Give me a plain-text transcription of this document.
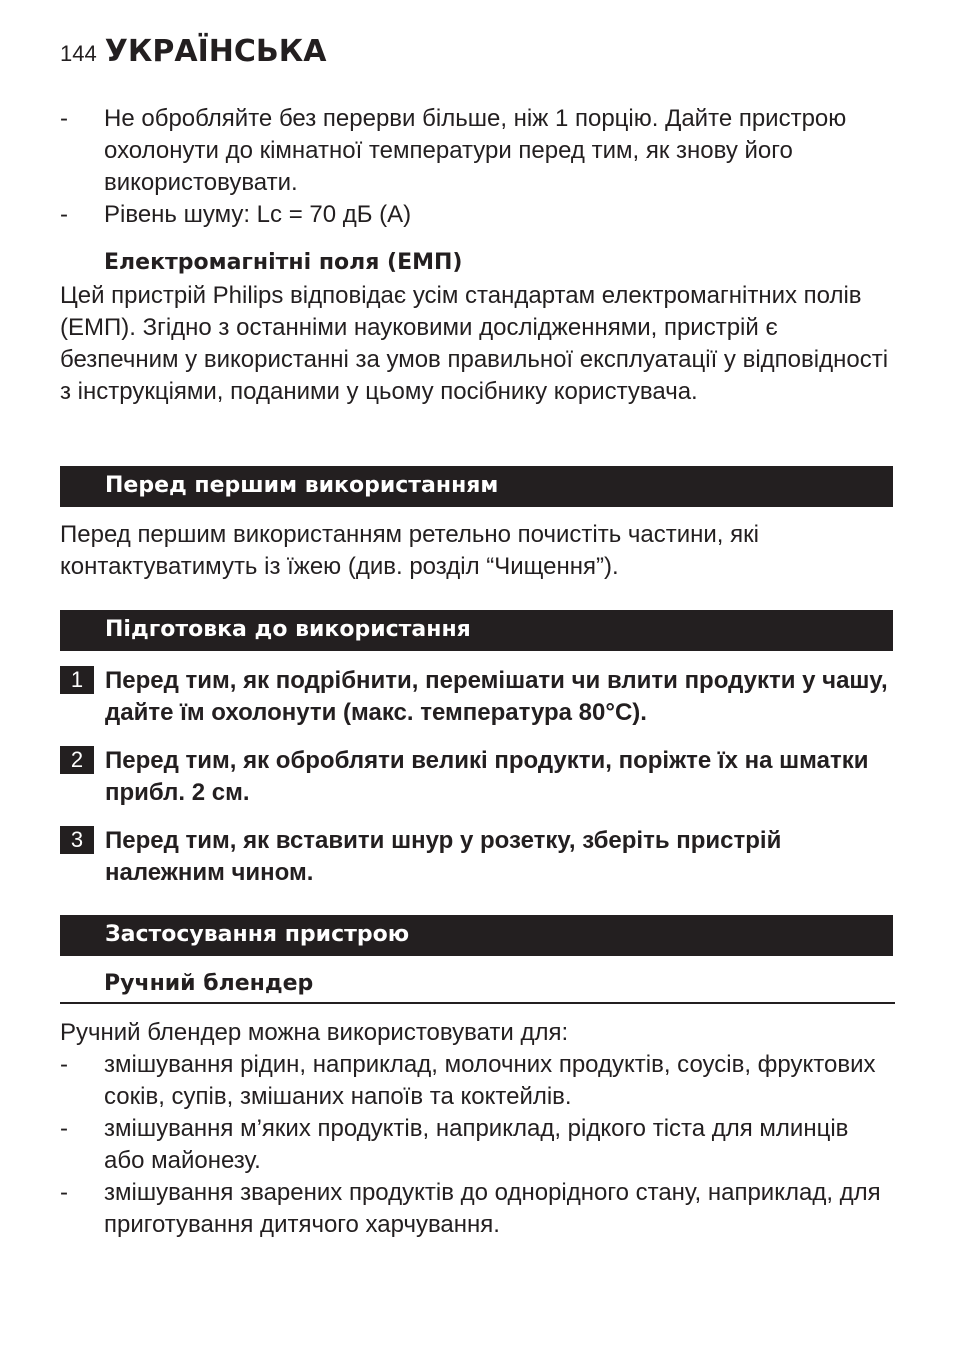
144 УКРАЇНСЬКА
- Не обробляйте без перерви більше, ніж 1 порцію. Дайте пристрою охолонути до кімнатної температури перед тим, як знову його використовувати.
- Рівень шуму: Lc = 70 дБ (A)
Електромагнітні поля (ЕМП)
Цей пристрій Philips відповідає усім стандартам електромагнітних полів (ЕМП). Згідно з останніми науковими дослідженнями, пристрій є безпечним у використанні за умов правильної експлуатації у відповідності з інструкціями, поданими у цьому посібнику користувача.
Перед першим використанням
Перед першим використанням ретельно почистіть частини, які контактуватимуть із їжею (див. розділ “Чищення”).
Підготовка до використання
1 Перед тим, як подрібнити, перемішати чи влити продукти у чашу, дайте їм охолонути (макс. температура 80°C).
2 Перед тим, як обробляти великі продукти, поріжте їх на шматки прибл. 2 см.
3 Перед тим, як вставити шнур у розетку, зберіть пристрій належним чином.
Застосування пристрою
Ручний блендер
Ручний блендер можна використовувати для:
- змішування рідин, наприклад, молочних продуктів, соусів, фруктових соків, супів, змішаних напоїв та коктейлів.
- змішування м’яких продуктів, наприклад, рідкого тіста для млинців або майонезу.
- змішування зварених продуктів до однорідного стану, наприклад, для приготування дитячого харчування.
